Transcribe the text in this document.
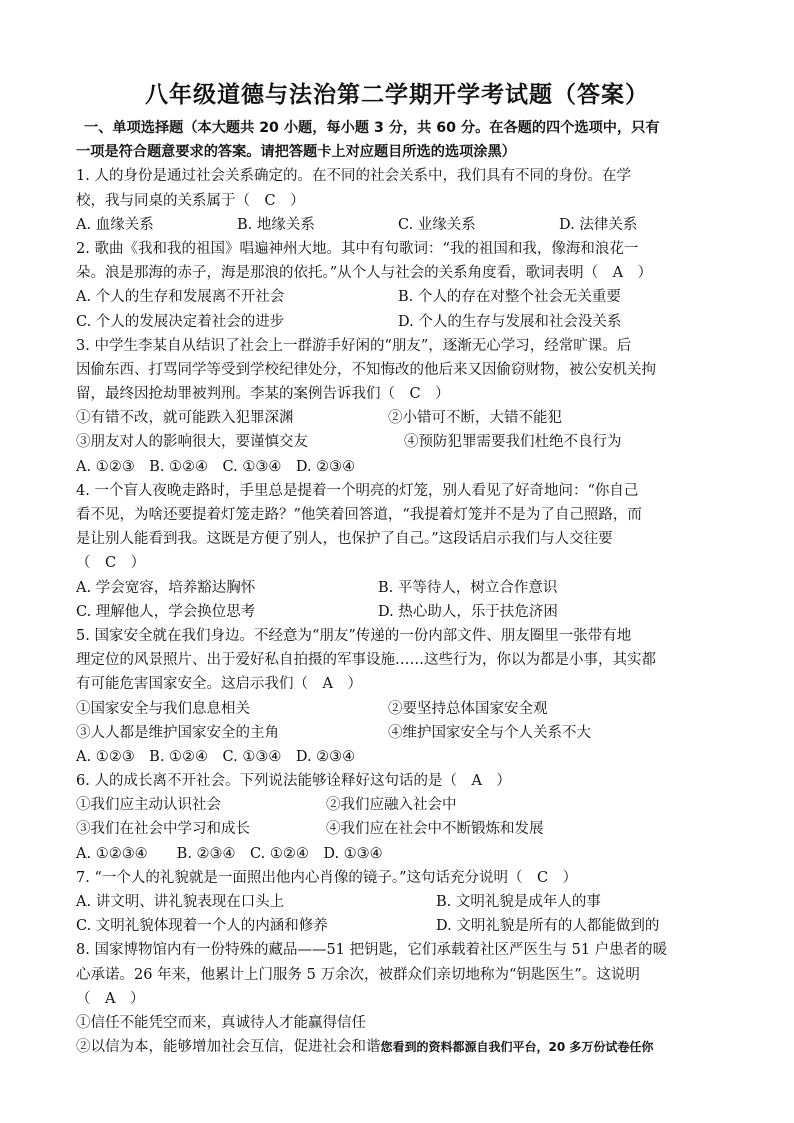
八年级道德与法治第二学期开学考试题（答案）
一、单项选择题（本大题共 20 小题，每小题 3 分，共 60 分。在各题的四个选项中，只有
一项是符合题意要求的答案。请把答题卡上对应题目所选的选项涂黑）
1. 人的身份是通过社会关系确定的。在不同的社会关系中，我们具有不同的身份。在学
校，我与同桌的关系属于（　C　）
A. 血缘关系	B. 地缘关系	C. 业缘关系	D. 法律关系
2. 歌曲《我和我的祖国》唱遍神州大地。其中有句歌词：“我的祖国和我，像海和浪花一
朵。浪是那海的赤子，海是那浪的依托。”从个人与社会的关系角度看，歌词表明（　A　）
A. 个人的生存和发展离不开社会	B. 个人的存在对整个社会无关重要
C. 个人的发展决定着社会的进步	D. 个人的生存与发展和社会没关系
3. 中学生李某自从结识了社会上一群游手好闲的“朋友”，逐渐无心学习，经常旷课。后
因偷东西、打骂同学等受到学校纪律处分，不知悔改的他后来又因偷窃财物，被公安机关拘
留，最终因抢劫罪被判刑。李某的案例告诉我们（　C　）
①有错不改，就可能跌入犯罪深渊	②小错可不断，大错不能犯
③朋友对人的影响很大，要谨慎交友	④预防犯罪需要我们杜绝不良行为
A. ①②③　B. ①②④　C. ①③④　D. ②③④
4. 一个盲人夜晚走路时，手里总是提着一个明亮的灯笼，别人看见了好奇地问：“你自己
看不见，为啥还要提着灯笼走路？”他笑着回答道，“我提着灯笼并不是为了自己照路，而
是让别人能看到我。这既是方便了别人，也保护了自己。”这段话启示我们与人交往要
（　C　）
A. 学会宽容，培养豁达胸怀	B. 平等待人，树立合作意识
C. 理解他人，学会换位思考	D. 热心助人，乐于扶危济困
5. 国家安全就在我们身边。不经意为“朋友”传递的一份内部文件、朋友圈里一张带有地
理定位的风景照片、出于爱好私自拍摄的军事设施……这些行为，你以为都是小事，其实都
有可能危害国家安全。这启示我们（　A　）
①国家安全与我们息息相关	②要坚持总体国家安全观
③人人都是维护国家安全的主角	④维护国家安全与个人关系不大
A. ①②③　B. ①②④　C. ①③④　D. ②③④
6. 人的成长离不开社会。下列说法能够诠释好这句话的是（　A　）
①我们应主动认识社会	②我们应融入社会中
③我们在社会中学习和成长	④我们应在社会中不断锻炼和发展
A. ①②③④　　B. ②③④　C. ①②④　D. ①③④
7. “一个人的礼貌就是一面照出他内心肖像的镜子。”这句话充分说明（　C　）
A. 讲文明、讲礼貌表现在口头上	B. 文明礼貌是成年人的事
C. 文明礼貌体现着一个人的内涵和修养	D. 文明礼貌是所有的人都能做到的
8. 国家博物馆内有一份特殊的藏品——51 把钥匙，它们承载着社区严医生与 51 户患者的暖
心承诺。26 年来，他累计上门服务 5 万余次，被群众们亲切地称为“钥匙医生”。这说明
（　A　）
①信任不能凭空而来，真诚待人才能赢得信任
②以信为本，能够增加社会互信，促进社会和谐您看到的资料都源自我们平台，20 多万份试卷任你
